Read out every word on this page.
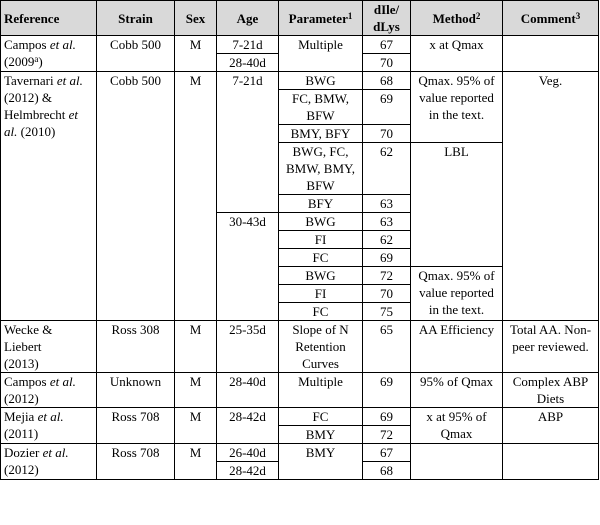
Reference	Strain	Sex	Age	Parameter$^1$	dIle/
dLys	Method$^2$	Comment$^3$
Campos et al. (2009$^a$)	Cobb 500	M	7-21d	Multiple	67	x at Qmax	
			28-40d		70		
Tavernari et al. (2012) & Helmbrecht et al. (2010)	Cobb 500	M	7-21d	BWG	68	Qmax. 95% of value reported in the text.	Veg.
				FC, BMW, BFW	69		
				BMY, BFY	70		
				BWG, FC, BMW, BMY, BFW	62	LBL	
				BFY	63		
			30-43d	BWG	63		
				FI	62		
				FC	69		
				BWG	72	Qmax. 95% of value reported in the text.	
				FI	70		
				FC	75		
Wecke &
Liebert
(2013)	Ross 308	M	25-35d	Slope of N Retention Curves	65	AA Efficiency	Total AA. Non-peer reviewed.
Campos et al. (2012)	Unknown	M	28-40d	Multiple	69	95% of Qmax	Complex ABP Diets
Mejia et al. (2011)	Ross 708	M	28-42d	FC	69	x at 95% of Qmax	ABP
				BMY	72		
Dozier et al.
(2012)	Ross 708	M	26-40d	BMY	67		
			28-42d		68		
